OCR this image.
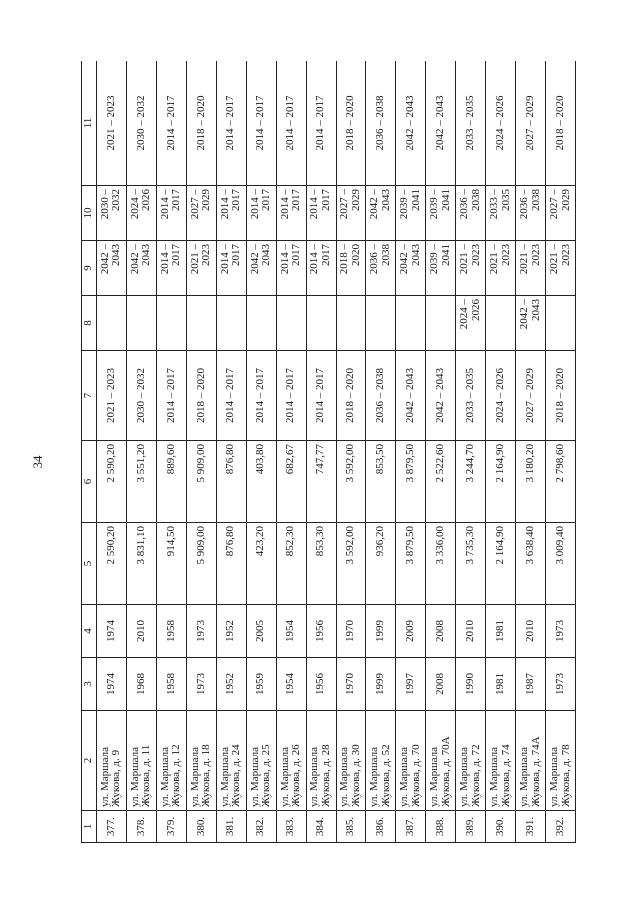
34
1	2	3	4	5	6	7	8	9	10	11
377.	ул. Маршала Жукова, д. 9	1974	1974	2 590,20	2 590,20	2021 – 2023		2042 – 2043	2030 – 2032	2021 – 2023
378.	ул. Маршала Жукова, д. 11	1968	2010	3 831,10	3 551,20	2030 – 2032		2042 – 2043	2024 – 2026	2030 – 2032
379.	ул. Маршала Жукова, д. 12	1958	1958	914,50	889,60	2014 – 2017		2014 – 2017	2014 – 2017	2014 – 2017
380.	ул. Маршала Жукова, д. 18	1973	1973	5 909,00	5 909,00	2018 – 2020		2021 – 2023	2027 – 2029	2018 – 2020
381.	ул. Маршала Жукова, д. 24	1952	1952	876,80	876,80	2014 – 2017		2014 – 2017	2014 – 2017	2014 – 2017
382.	ул. Маршала Жукова, д. 25	1959	2005	423,20	403,80	2014 – 2017		2042 – 2043	2014 – 2017	2014 – 2017
383.	ул. Маршала Жукова, д. 26	1954	1954	852,30	682,67	2014 – 2017		2014 – 2017	2014 – 2017	2014 – 2017
384.	ул. Маршала Жукова, д. 28	1956	1956	853,30	747,77	2014 – 2017		2014 – 2017	2014 – 2017	2014 – 2017
385.	ул. Маршала Жукова, д. 30	1970	1970	3 592,00	3 592,00	2018 – 2020		2018 – 2020	2027 – 2029	2018 – 2020
386.	ул. Маршала Жукова, д. 52	1999	1999	936,20	853,50	2036 – 2038		2036 – 2038	2042 – 2043	2036 – 2038
387.	ул. Маршала Жукова, д. 70	1997	2009	3 879,50	3 879,50	2042 – 2043		2042 – 2043	2039 – 2041	2042 – 2043
388.	ул. Маршала Жукова, д. 70А	2008	2008	3 336,00	2 522,60	2042 – 2043		2039 – 2041	2039 – 2041	2042 – 2043
389.	ул. Маршала Жукова, д. 72	1990	2010	3 735,30	3 244,70	2033 – 2035	2024 – 2026	2021 – 2023	2036 – 2038	2033 – 2035
390.	ул. Маршала Жукова, д. 74	1981	1981	2 164,90	2 164,90	2024 – 2026		2021 – 2023	2033 – 2035	2024 – 2026
391.	ул. Маршала Жукова, д. 74А	1987	2010	3 638,40	3 180,20	2027 – 2029	2042 – 2043	2021 – 2023	2036 – 2038	2027 – 2029
392.	ул. Маршала Жукова, д. 78	1973	1973	3 009,40	2 798,60	2018 – 2020		2021 – 2023	2027 – 2029	2018 – 2020
